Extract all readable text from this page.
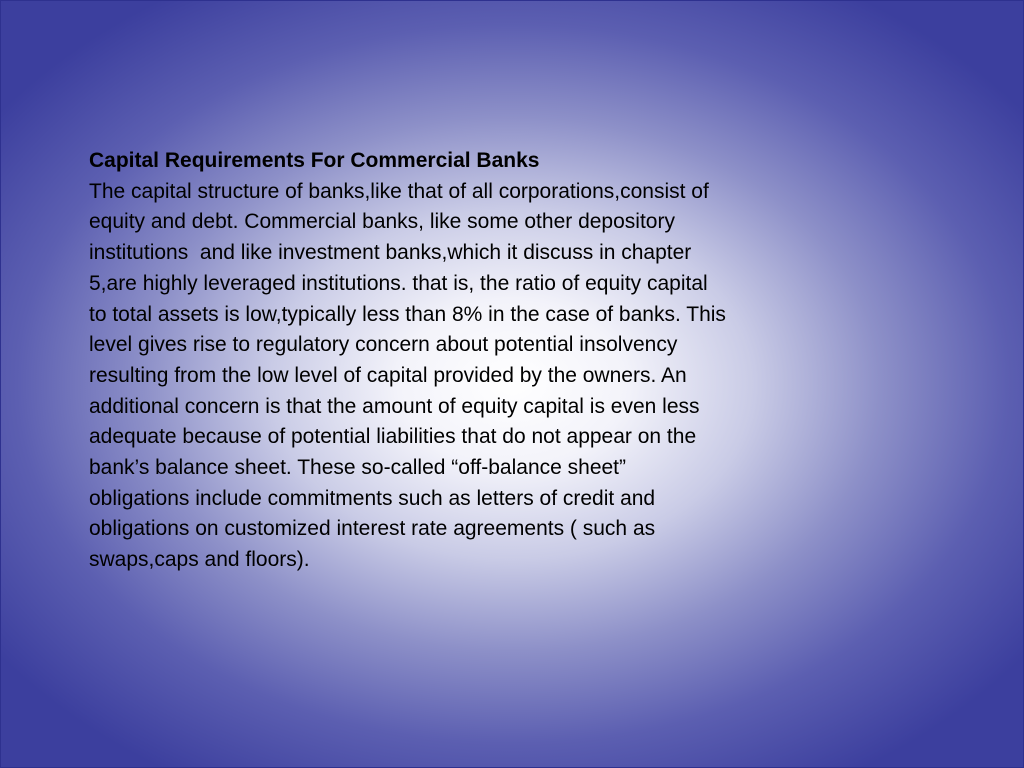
Capital Requirements For Commercial Banks

The capital structure of banks,like that of all corporations,consist of

equity and debt. Commercial banks, like some other depository

institutions  and like investment banks,which it discuss in chapter

5,are highly leveraged institutions. that is, the ratio of equity capital

to total assets is low,typically less than 8% in the case of banks. This

level gives rise to regulatory concern about potential insolvency

resulting from the low level of capital provided by the owners. An

additional concern is that the amount of equity capital is even less

adequate because of potential liabilities that do not appear on the

bank’s balance sheet. These so-called “off-balance sheet”

obligations include commitments such as letters of credit and

obligations on customized interest rate agreements ( such as

swaps,caps and floors).
